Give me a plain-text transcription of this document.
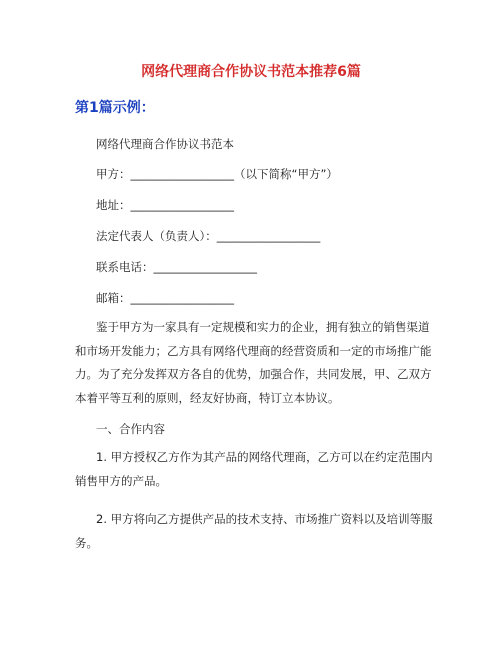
网络代理商合作协议书范本推荐6篇
第1篇示例：
网络代理商合作协议书范本
甲方：__________________（以下简称“甲方”）
地址：__________________
法定代表人（负责人）：__________________
联系电话：__________________
邮箱：__________________
鉴于甲方为一家具有一定规模和实力的企业，拥有独立的销售渠道和市场开发能力；乙方具有网络代理商的经营资质和一定的市场推广能力。为了充分发挥双方各自的优势，加强合作，共同发展，甲、乙双方本着平等互利的原则，经友好协商，特订立本协议。
一、合作内容
1. 甲方授权乙方作为其产品的网络代理商，乙方可以在约定范围内销售甲方的产品。
2. 甲方将向乙方提供产品的技术支持、市场推广资料以及培训等服务。
